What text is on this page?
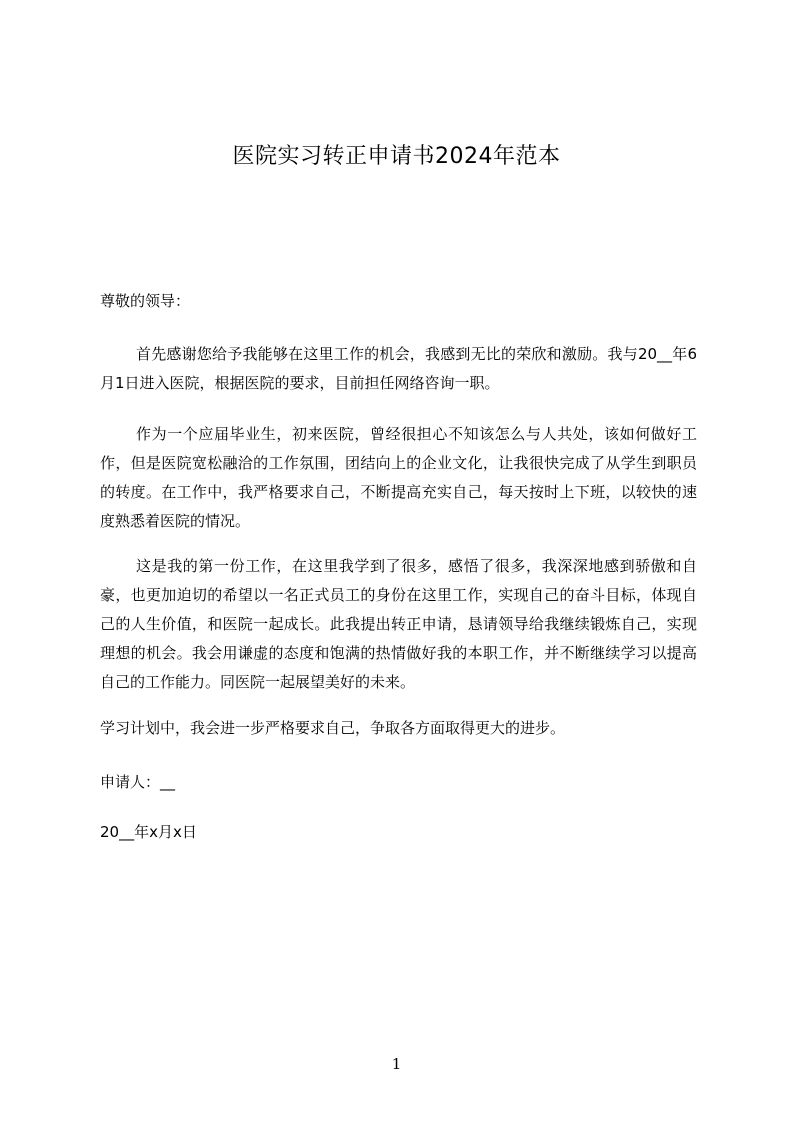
医院实习转正申请书2024年范本
尊敬的领导：
首先感谢您给予我能够在这里工作的机会，我感到无比的荣欣和激励。我与20__年6月1日进入医院，根据医院的要求，目前担任网络咨询一职。
作为一个应届毕业生，初来医院，曾经很担心不知该怎么与人共处，该如何做好工作，但是医院宽松融洽的工作氛围，团结向上的企业文化，让我很快完成了从学生到职员的转度。在工作中，我严格要求自己，不断提高充实自己，每天按时上下班，以较快的速度熟悉着医院的情况。
这是我的第一份工作，在这里我学到了很多，感悟了很多，我深深地感到骄傲和自豪，也更加迫切的希望以一名正式员工的身份在这里工作，实现自己的奋斗目标，体现自己的人生价值，和医院一起成长。此我提出转正申请，恳请领导给我继续锻炼自己，实现理想的机会。我会用谦虚的态度和饱满的热情做好我的本职工作，并不断继续学习以提高自己的工作能力。同医院一起展望美好的未来。
学习计划中，我会进一步严格要求自己，争取各方面取得更大的进步。
申请人：__
20__年x月x日
1
